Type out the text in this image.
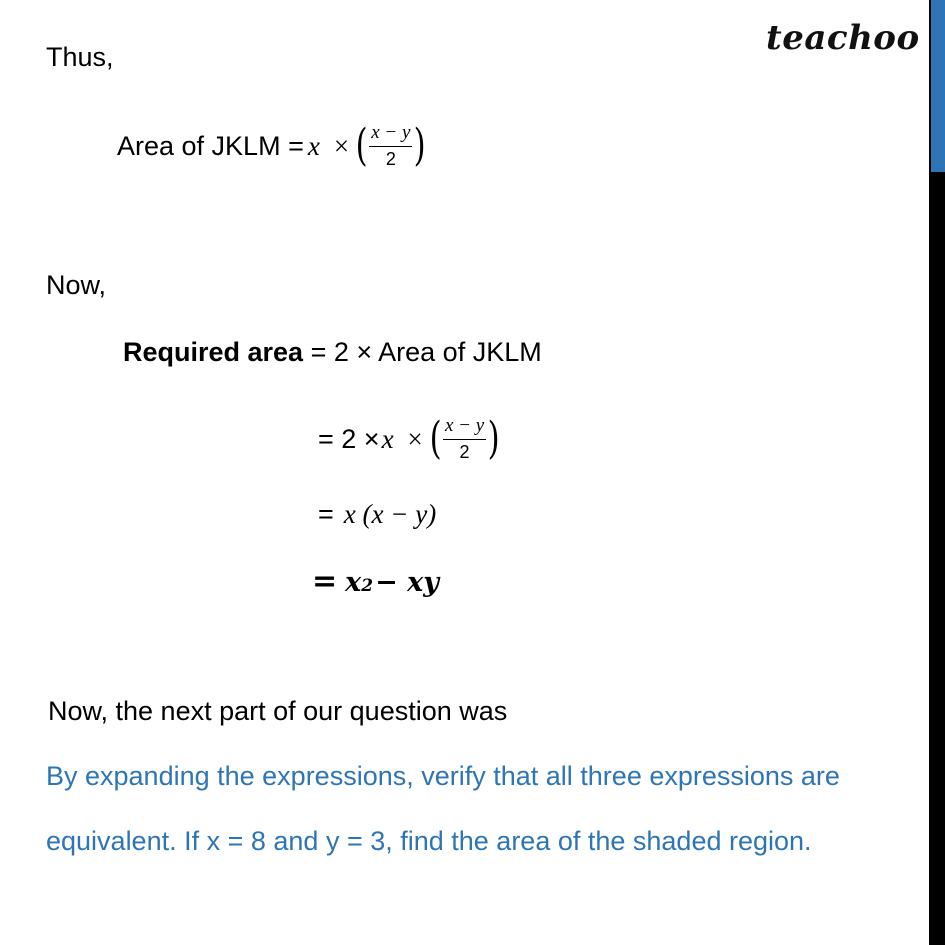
teachoo
Thus,
Area of JKLM = x × ( $\frac{x - y}{2}$ )
Now,
Required area = 2 × Area of JKLM
= 2 × x × ( $\frac{x - y}{2}$ )
= x (x − y)
= x 2 − xy
Now, the next part of our question was
By expanding the expressions, verify that all three expressions are
equivalent. If x = 8 and y = 3, find the area of the shaded region.
